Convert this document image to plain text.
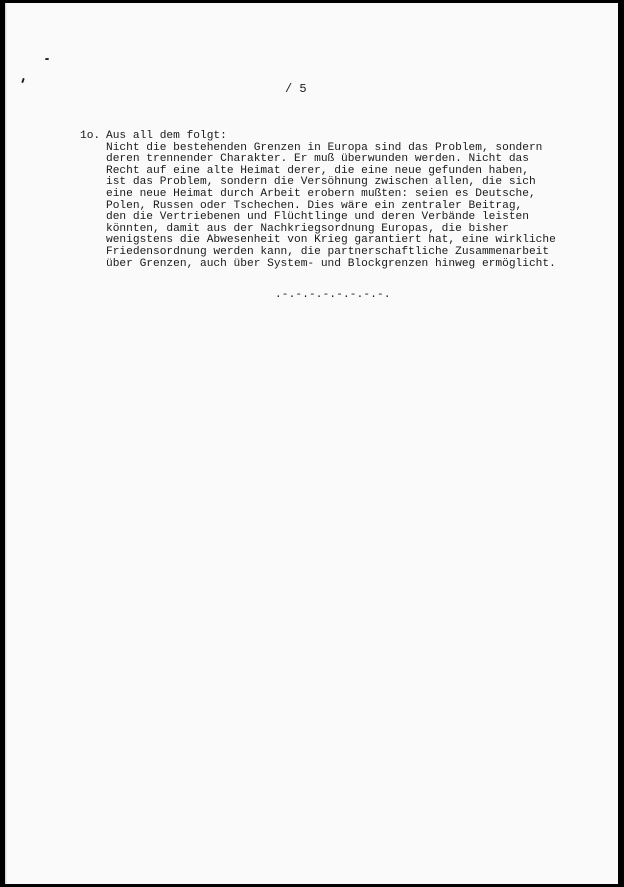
/ 5

1o. Aus all dem folgt:
Nicht die bestehenden Grenzen in Europa sind das Problem, sondern
deren trennender Charakter. Er muß überwunden werden. Nicht das
Recht auf eine alte Heimat derer, die eine neue gefunden haben,
ist das Problem, sondern die Versöhnung zwischen allen, die sich
eine neue Heimat durch Arbeit erobern mußten: seien es Deutsche,
Polen, Russen oder Tschechen. Dies wäre ein zentraler Beitrag,
den die Vertriebenen und Flüchtlinge und deren Verbände leisten
könnten, damit aus der Nachkriegsordnung Europas, die bisher
wenigstens die Abwesenheit von Krieg garantiert hat, eine wirkliche
Friedensordnung werden kann, die partnerschaftliche Zusammenarbeit
über Grenzen, auch über System- und Blockgrenzen hinweg ermöglicht.

.-.-.-.-.-.-.-.-.
